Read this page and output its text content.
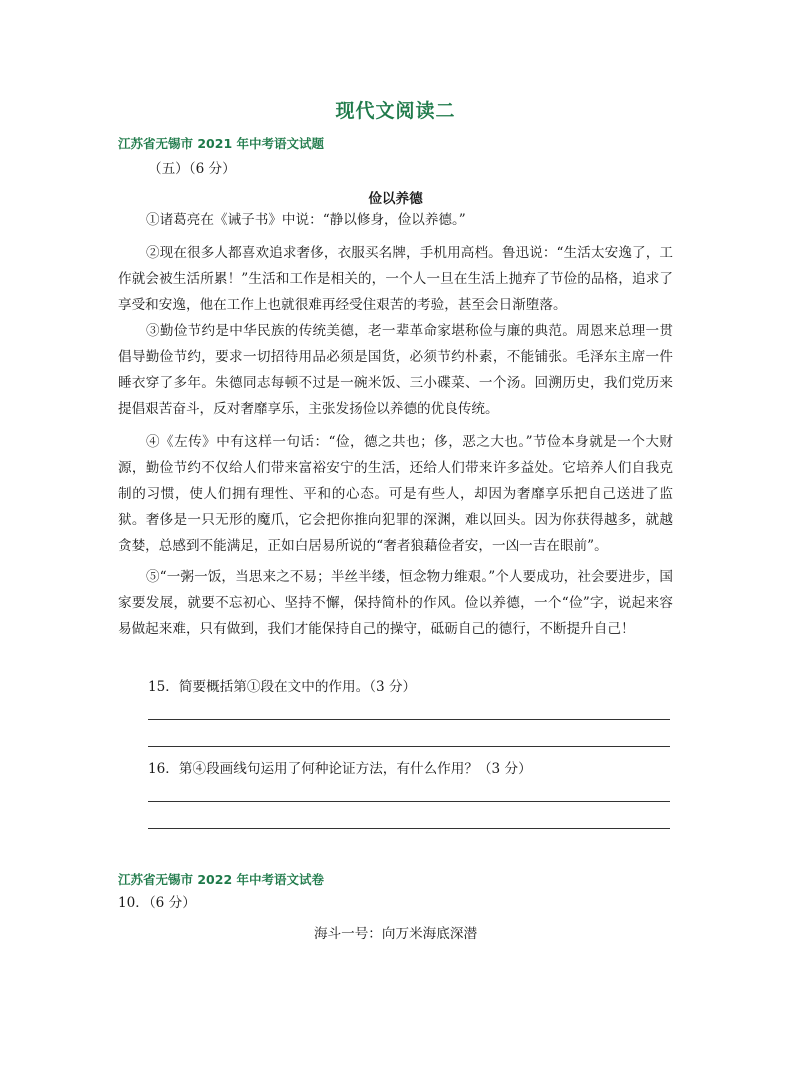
现代文阅读二
江苏省无锡市 2021 年中考语文试题
（五）（6 分）
俭以养德

①诸葛亮在《诫子书》中说：“静以修身，俭以养德。”

②现在很多人都喜欢追求奢侈，衣服买名牌，手机用高档。鲁迅说：“生活太安逸了，工作就会被生活所累！”生活和工作是相关的，一个人一旦在生活上抛弃了节俭的品格，追求了享受和安逸，他在工作上也就很难再经受住艰苦的考验，甚至会日渐堕落。

③勤俭节约是中华民族的传统美德，老一辈革命家堪称俭与廉的典范。周恩来总理一贯倡导勤俭节约，要求一切招待用品必须是国货，必须节约朴素，不能铺张。毛泽东主席一件睡衣穿了多年。朱德同志每顿不过是一碗米饭、三小碟菜、一个汤。回溯历史，我们党历来提倡艰苦奋斗，反对奢靡享乐，主张发扬俭以养德的优良传统。

④《左传》中有这样一句话：“俭，德之共也；侈，恶之大也。”节俭本身就是一个大财源，勤俭节约不仅给人们带来富裕安宁的生活，还给人们带来许多益处。它培养人们自我克制的习惯，使人们拥有理性、平和的心态。可是有些人，却因为奢靡享乐把自己送进了监狱。奢侈是一只无形的魔爪，它会把你推向犯罪的深渊，难以回头。因为你获得越多，就越贪婪，总感到不能满足，正如白居易所说的“奢者狼藉俭者安，一凶一吉在眼前”。

⑤“一粥一饭，当思来之不易；半丝半缕，恒念物力维艰。”个人要成功，社会要进步，国家要发展，就要不忘初心、坚持不懈，保持简朴的作风。俭以养德，一个“俭”字，说起来容易做起来难，只有做到，我们才能保持自己的操守，砥砺自己的德行，不断提升自己！

15．简要概括第①段在文中的作用。（3 分）
16．第④段画线句运用了何种论证方法，有什么作用？（3 分）
江苏省无锡市 2022 年中考语文试卷
10．（6 分）
海斗一号：向万米海底深潜
